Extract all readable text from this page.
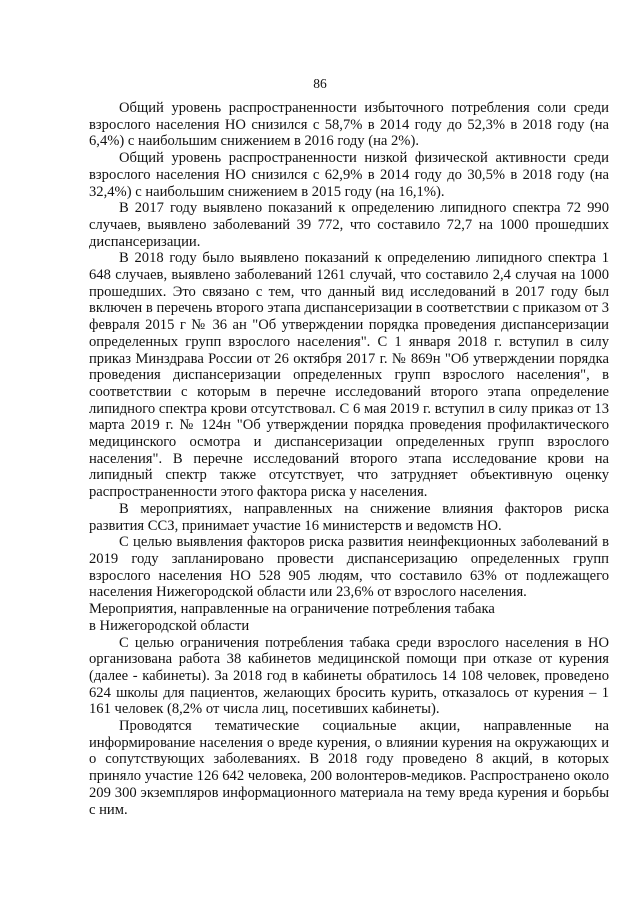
86

Общий уровень распространенности избыточного потребления соли среди взрослого населения НО снизился с 58,7% в 2014 году до 52,3% в 2018 году (на 6,4%) с наибольшим снижением в 2016 году (на 2%).

Общий уровень распространенности низкой физической активности среди взрослого населения НО снизился с 62,9% в 2014 году до 30,5% в 2018 году (на 32,4%) с наибольшим снижением в 2015 году (на 16,1%).

В 2017 году выявлено показаний к определению липидного спектра 72 990 случаев, выявлено заболеваний 39 772, что составило 72,7 на 1000 прошедших диспансеризации.

В 2018 году было выявлено показаний к определению липидного спектра 1 648 случаев, выявлено заболеваний 1261 случай, что составило 2,4 случая на 1000 прошедших. Это связано с тем, что данный вид исследований в 2017 году был включен в перечень второго этапа диспансеризации в соответствии с приказом от 3 февраля 2015 г № 36 ан "Об утверждении порядка проведения диспансеризации определенных групп взрослого населения". С 1 января 2018 г. вступил в силу приказ Минздрава России от 26 октября 2017 г. № 869н "Об утверждении порядка проведения диспансеризации определенных групп взрослого населения", в соответствии с которым в перечне исследований второго этапа определение липидного спектра крови отсутствовал. С 6 мая 2019 г. вступил в силу приказ от 13 марта 2019 г. № 124н "Об утверждении порядка проведения профилактического медицинского осмотра и диспансеризации определенных групп взрослого населения". В перечне исследований второго этапа исследование крови на липидный спектр также отсутствует, что затрудняет объективную оценку распространенности этого фактора риска у населения.

В мероприятиях, направленных на снижение влияния факторов риска развития ССЗ, принимает участие 16 министерств и ведомств НО.

С целью выявления факторов риска развития неинфекционных заболеваний в 2019 году запланировано провести диспансеризацию определенных групп взрослого населения НО 528 905 людям, что составило 63% от подлежащего населения Нижегородской области или 23,6% от взрослого населения.

Мероприятия, направленные на ограничение потребления табака
в Нижегородской области

С целью ограничения потребления табака среди взрослого населения в НО организована работа 38 кабинетов медицинской помощи при отказе от курения (далее - кабинеты). За 2018 год в кабинеты обратилось 14 108 человек, проведено 624 школы для пациентов, желающих бросить курить, отказалось от курения – 1 161 человек (8,2% от числа лиц, посетивших кабинеты).

Проводятся тематические социальные акции, направленные на информирование населения о вреде курения, о влиянии курения на окружающих и о сопутствующих заболеваниях. В 2018 году проведено 8 акций, в которых приняло участие 126 642 человека, 200 волонтеров-медиков. Распространено около 209 300 экземпляров информационного материала на тему вреда курения и борьбы с ним.
